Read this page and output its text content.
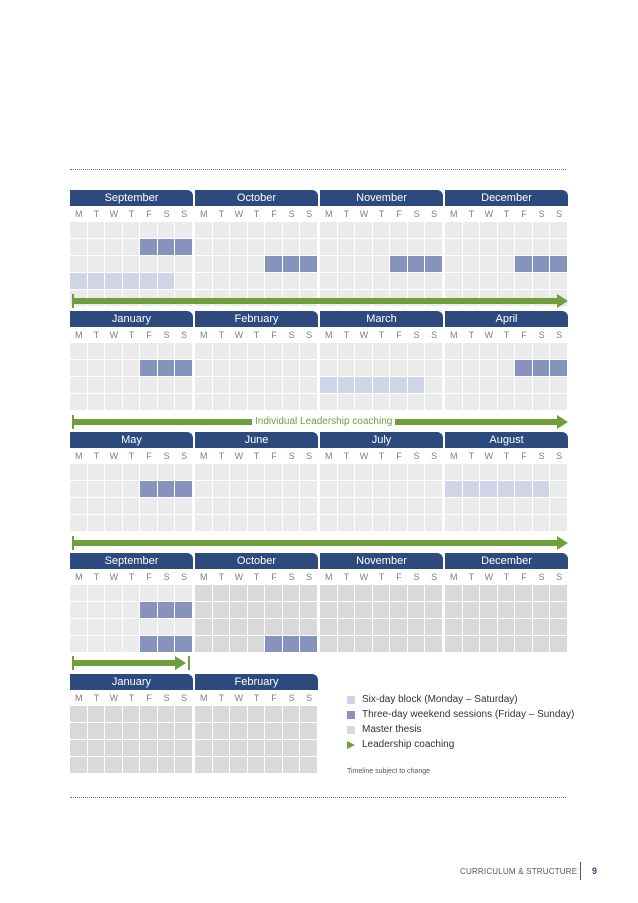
September
M	T	W	T	F	S	S
October
M	T	W	T	F	S	S
November
M	T	W	T	F	S	S
December
M	T	W	T	F	S	S
January
M	T	W	T	F	S	S
February
M	T	W	T	F	S	S
March
M	T	W	T	F	S	S
April
M	T	W	T	F	S	S
May
M	T	W	T	F	S	S
June
M	T	W	T	F	S	S
July
M	T	W	T	F	S	S
August
M	T	W	T	F	S	S
September
M	T	W	T	F	S	S
October
M	T	W	T	F	S	S
November
M	T	W	T	F	S	S
December
M	T	W	T	F	S	S
January
M	T	W	T	F	S	S
February
M	T	W	T	F	S	S
Individual Leadership coaching
Six-day block (Monday – Saturday)
Three-day weekend sessions (Friday – Sunday)
Master thesis
Leadership coaching
Timeline subject to change
CURRICULUM & STRUCTURE 9
